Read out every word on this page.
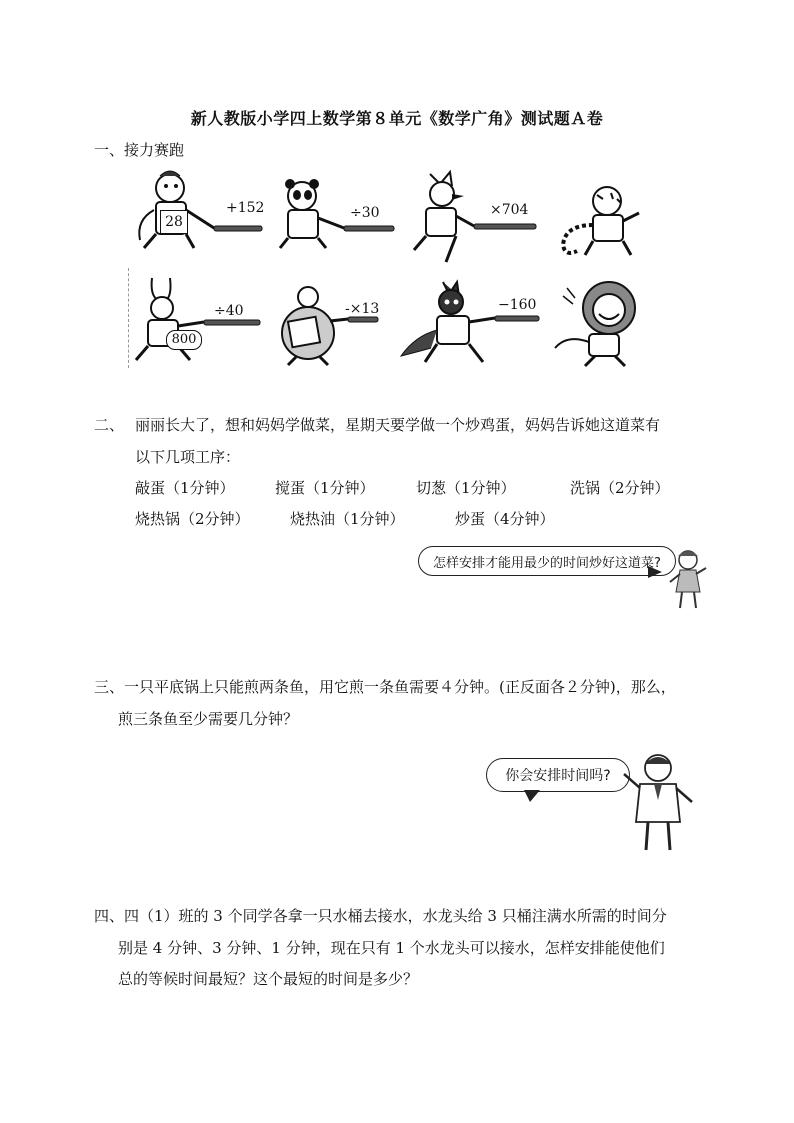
新人教版小学四上数学第８单元《数学广角》测试题Ａ卷
一、接力赛跑
28
+152	÷30	×704
800
÷40	-×13	−160
二、 丽丽长大了，想和妈妈学做菜，星期天要学做一个炒鸡蛋，妈妈告诉她这道菜有
以下几项工序：
敲蛋（1分钟）	搅蛋（1分钟）	切葱（1分钟）	洗锅（2分钟）
烧热锅（2分钟）	烧热油（1分钟）	炒蛋（4分钟）
怎样安排才能用最少的时间炒好这道菜?
三、一只平底锅上只能煎两条鱼，用它煎一条鱼需要４分钟。(正反面各２分钟)，那么，
煎三条鱼至少需要几分钟？
你会安排时间吗?
四、四（1）班的 3 个同学各拿一只水桶去接水，水龙头给 3 只桶注满水所需的时间分
别是 4 分钟、3 分钟、1 分钟，现在只有 1 个水龙头可以接水，怎样安排能使他们
总的等候时间最短？这个最短的时间是多少？
